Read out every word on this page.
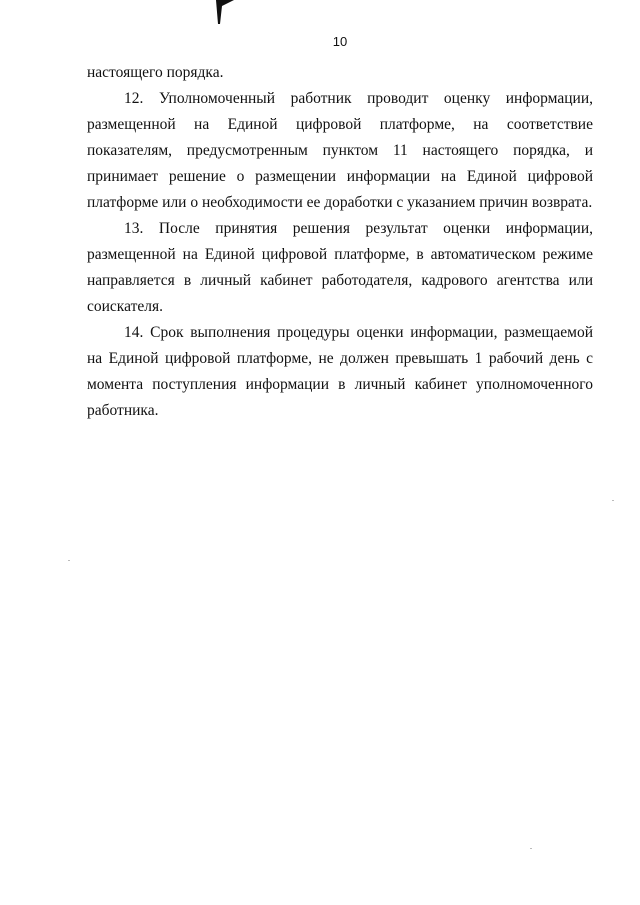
10

настоящего порядка.

12. Уполномоченный работник проводит оценку информации, размещенной на Единой цифровой платформе, на соответствие показателям, предусмотренным пунктом 11 настоящего порядка, и принимает решение о размещении информации на Единой цифровой платформе или о необходимости ее доработки с указанием причин возврата.

13. После принятия решения результат оценки информации, размещенной на Единой цифровой платформе, в автоматическом режиме направляется в личный кабинет работодателя, кадрового агентства или соискателя.

14. Срок выполнения процедуры оценки информации, размещаемой на Единой цифровой платформе, не должен превышать 1 рабочий день с момента поступления информации в личный кабинет уполномоченного работника.
